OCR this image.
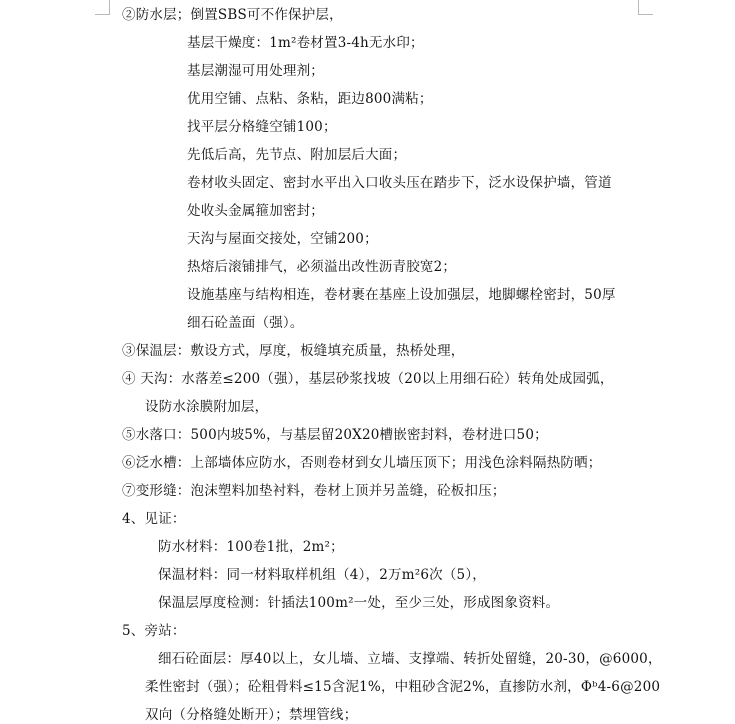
②防水层；倒置SBS可不作保护层，
基层干燥度：1m²卷材置3-4h无水印；
基层潮湿可用处理剂；
优用空铺、点粘、条粘，距边800满粘；
找平层分格缝空铺100；
先低后高，先节点、附加层后大面；
卷材收头固定、密封水平出入口收头压在踏步下，泛水设保护墙，管道
处收头金属箍加密封；
天沟与屋面交接处，空铺200；
热熔后滚铺排气，必须溢出改性沥青胶宽2；
设施基座与结构相连，卷材裹在基座上设加强层，地脚螺栓密封，50厚
细石砼盖面（强）。
③保温层：敷设方式，厚度，板缝填充质量，热桥处理，
④ 天沟：水落差≤200（强），基层砂浆找坡（20以上用细石砼）转角处成园弧，
设防水涂膜附加层，
⑤水落口：500内坡5%，与基层留20X20槽嵌密封料，卷材进口50；
⑥泛水槽：上部墙体应防水，否则卷材到女儿墙压顶下；用浅色涂料隔热防晒；
⑦变形缝：泡沫塑料加垫衬料，卷材上顶并另盖缝，砼板扣压；
4、见证：
防水材料：100卷1批，2m²；
保温材料：同一材料取样机组（4），2万m²6次（5），
保温层厚度检测：针插法100m²一处，至少三处，形成图象资料。
5、旁站：
细石砼面层：厚40以上，女儿墙、立墙、支撑端、转折处留缝，20-30，@6000，
柔性密封（强）；砼粗骨料≤15含泥1%，中粗砂含泥2%，直掺防水剂，Φᵇ4-6@200
双向（分格缝处断开）；禁埋管线；
